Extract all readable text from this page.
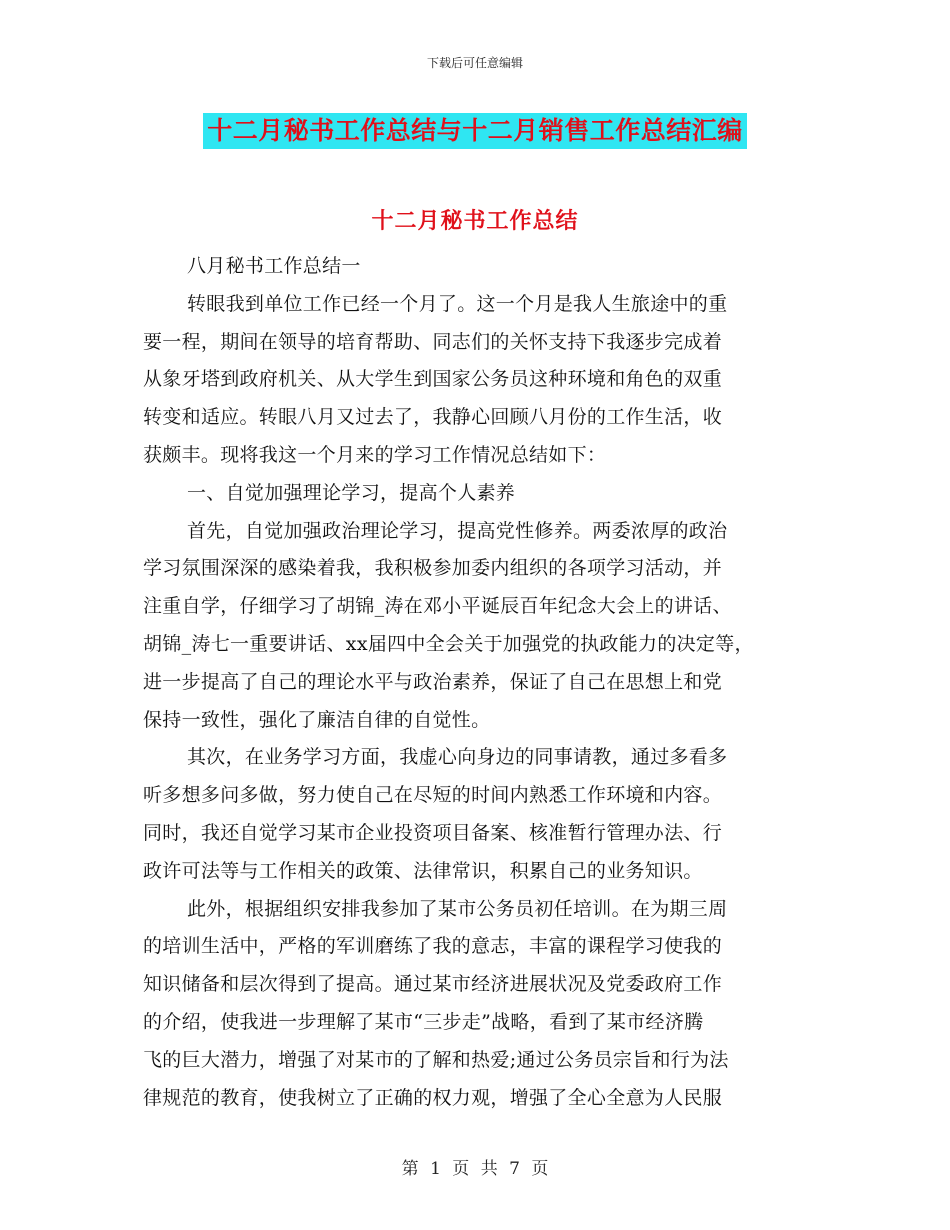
下载后可任意编辑
十二月秘书工作总结与十二月销售工作总结汇编
十二月秘书工作总结
八月秘书工作总结一
转眼我到单位工作已经一个月了。这一个月是我人生旅途中的重
要一程，期间在领导的培育帮助、同志们的关怀支持下我逐步完成着
从象牙塔到政府机关、从大学生到国家公务员这种环境和角色的双重
转变和适应。转眼八月又过去了，我静心回顾八月份的工作生活，收
获颇丰。现将我这一个月来的学习工作情况总结如下：
一、自觉加强理论学习，提高个人素养
首先，自觉加强政治理论学习，提高党性修养。两委浓厚的政治
学习氛围深深的感染着我，我积极参加委内组织的各项学习活动，并
注重自学，仔细学习了胡锦_涛在邓小平诞辰百年纪念大会上的讲话、
胡锦_涛七一重要讲话、xx届四中全会关于加强党的执政能力的决定等，
进一步提高了自己的理论水平与政治素养，保证了自己在思想上和党
保持一致性，强化了廉洁自律的自觉性。
其次，在业务学习方面，我虚心向身边的同事请教，通过多看多
听多想多问多做，努力使自己在尽短的时间内熟悉工作环境和内容。
同时，我还自觉学习某市企业投资项目备案、核准暂行管理办法、行
政许可法等与工作相关的政策、法律常识，积累自己的业务知识。
此外，根据组织安排我参加了某市公务员初任培训。在为期三周
的培训生活中，严格的军训磨练了我的意志，丰富的课程学习使我的
知识储备和层次得到了提高。通过某市经济进展状况及党委政府工作
的介绍，使我进一步理解了某市“三步走”战略，看到了某市经济腾
飞的巨大潜力，增强了对某市的了解和热爱;通过公务员宗旨和行为法
律规范的教育，使我树立了正确的权力观，增强了全心全意为人民服
第 1 页 共 7 页
